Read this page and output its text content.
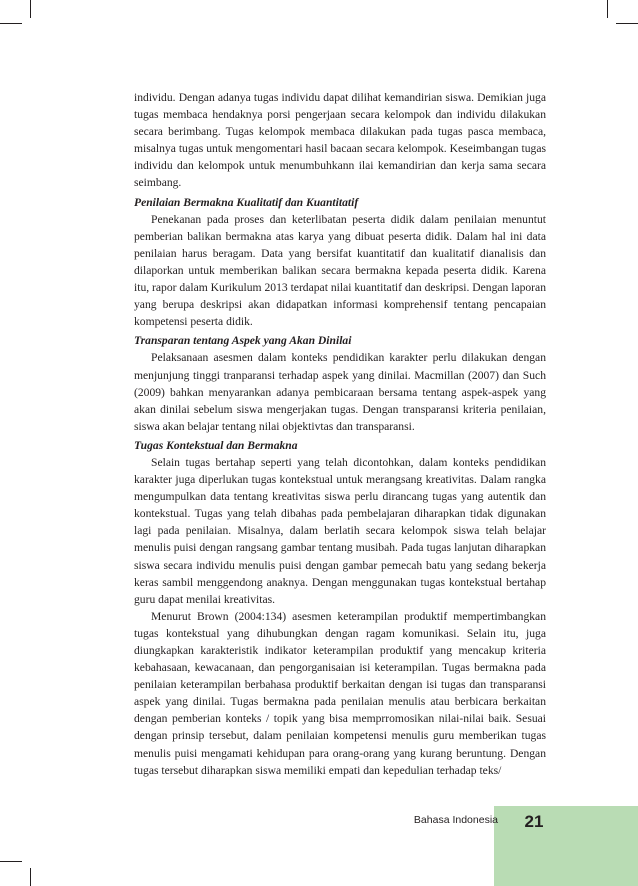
individu. Dengan adanya tugas individu dapat dilihat kemandirian siswa. Demikian juga tugas membaca hendaknya porsi pengerjaan secara kelompok dan individu dilakukan secara berimbang. Tugas kelompok membaca dilakukan pada tugas pasca membaca, misalnya tugas untuk mengomentari hasil bacaan secara kelompok. Keseimbangan tugas individu dan kelompok untuk menumbuhkann ilai kemandirian dan kerja sama secara seimbang.

Penilaian Bermakna Kualitatif dan Kuantitatif

Penekanan pada proses dan keterlibatan peserta didik dalam penilaian menuntut pemberian balikan bermakna atas karya yang dibuat peserta didik. Dalam hal ini data penilaian harus beragam. Data yang bersifat kuantitatif dan kualitatif dianalisis dan dilaporkan untuk memberikan balikan secara bermakna kepada peserta didik. Karena itu, rapor dalam Kurikulum 2013 terdapat nilai kuantitatif dan deskripsi. Dengan laporan yang berupa deskripsi akan didapatkan informasi komprehensif tentang pencapaian kompetensi peserta didik.

Transparan tentang Aspek yang Akan Dinilai

Pelaksanaan asesmen dalam konteks pendidikan karakter perlu dilakukan dengan menjunjung tinggi tranparansi terhadap aspek yang dinilai. Macmillan (2007) dan Such (2009) bahkan menyarankan adanya pembicaraan bersama tentang aspek-aspek yang akan dinilai sebelum siswa mengerjakan tugas. Dengan transparansi kriteria penilaian, siswa akan belajar tentang nilai objektivtas dan transparansi.

Tugas Kontekstual dan Bermakna

Selain tugas bertahap seperti yang telah dicontohkan, dalam konteks pendidikan karakter juga diperlukan tugas kontekstual untuk merangsang kreativitas. Dalam rangka mengumpulkan data tentang kreativitas siswa perlu dirancang tugas yang autentik dan kontekstual. Tugas yang telah dibahas pada pembelajaran diharapkan tidak digunakan lagi pada penilaian. Misalnya, dalam berlatih secara kelompok siswa telah belajar menulis puisi dengan rangsang gambar tentang musibah. Pada tugas lanjutan diharapkan siswa secara individu menulis puisi dengan gambar pemecah batu yang sedang bekerja keras sambil menggendong anaknya. Dengan menggunakan tugas kontekstual bertahap guru dapat menilai kreativitas.

Menurut Brown (2004:134) asesmen keterampilan produktif mempertimbangkan tugas kontekstual yang dihubungkan dengan ragam komunikasi. Selain itu, juga diungkapkan karakteristik indikator keterampilan produktif yang mencakup kriteria kebahasaan, kewacanaan, dan pengorganisaian isi keterampilan. Tugas bermakna pada penilaian keterampilan berbahasa produktif berkaitan dengan isi tugas dan transparansi aspek yang dinilai. Tugas bermakna pada penilaian menulis atau berbicara berkaitan dengan pemberian konteks / topik yang bisa memprromosikan nilai-nilai baik. Sesuai dengan prinsip tersebut, dalam penilaian kompetensi menulis guru memberikan tugas menulis puisi mengamati kehidupan para orang-orang yang kurang beruntung. Dengan tugas tersebut diharapkan siswa memiliki empati dan kepedulian terhadap teks/

Bahasa Indonesia	21
